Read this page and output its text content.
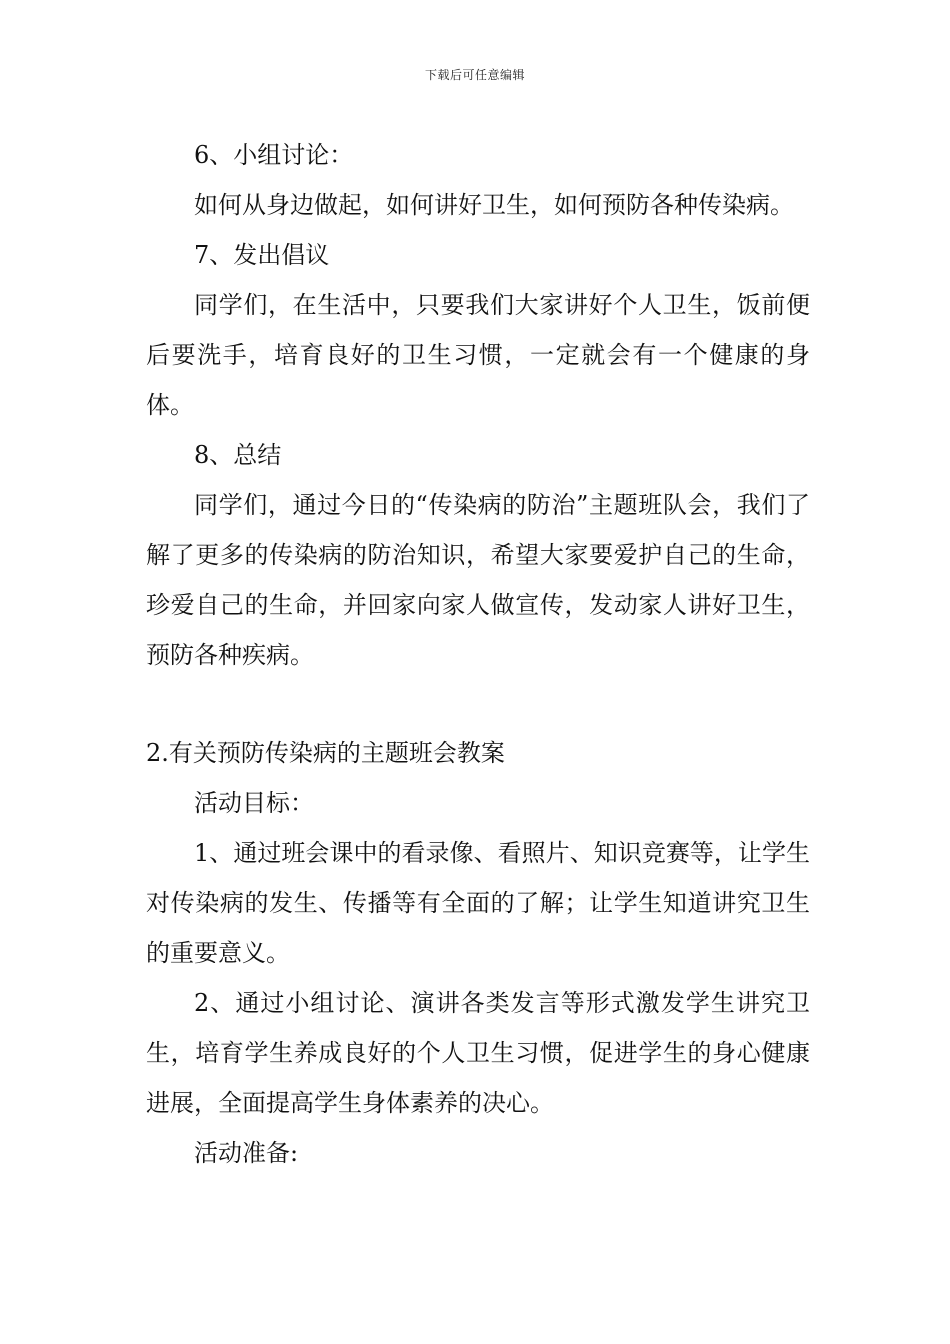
下载后可任意编辑

6、小组讨论：

如何从身边做起，如何讲好卫生，如何预防各种传染病。

7、发出倡议

同学们，在生活中，只要我们大家讲好个人卫生，饭前便后要洗手，培育良好的卫生习惯，一定就会有一个健康的身体。

8、总结

同学们，通过今日的“传染病的防治”主题班队会，我们了解了更多的传染病的防治知识，希望大家要爱护自己的生命，珍爱自己的生命，并回家向家人做宣传，发动家人讲好卫生，预防各种疾病。

2.有关预防传染病的主题班会教案

活动目标：

1、通过班会课中的看录像、看照片、知识竞赛等，让学生对传染病的发生、传播等有全面的了解；让学生知道讲究卫生的重要意义。

2、通过小组讨论、演讲各类发言等形式激发学生讲究卫生，培育学生养成良好的个人卫生习惯，促进学生的身心健康进展，全面提高学生身体素养的决心。

活动准备:
